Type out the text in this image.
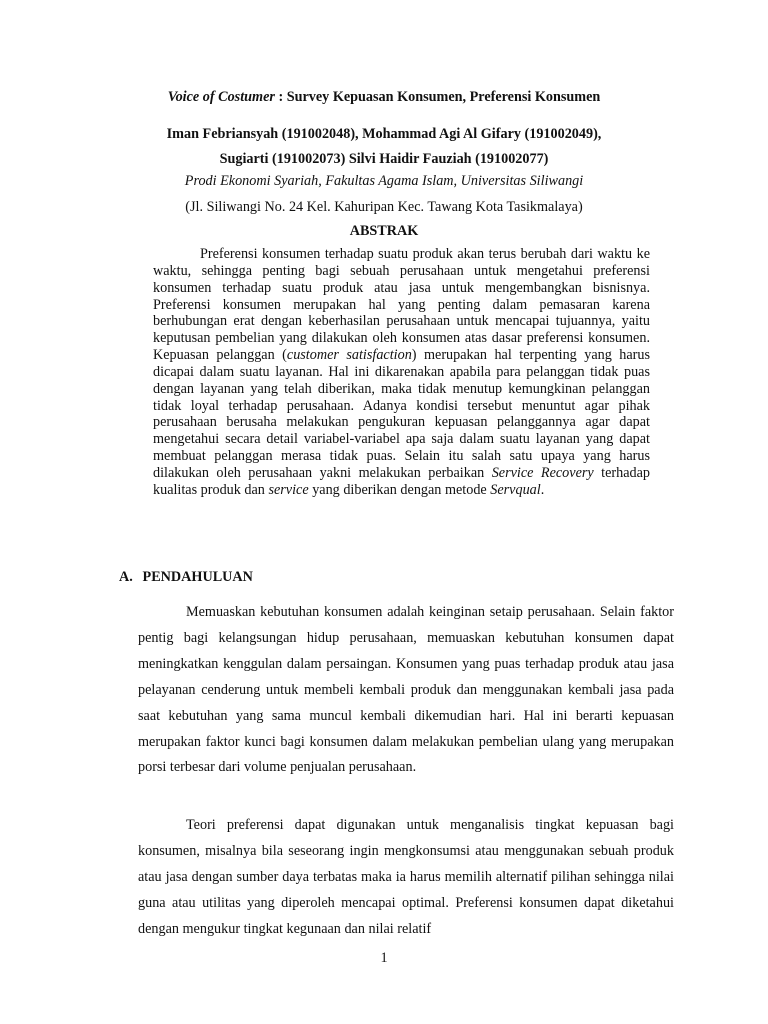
Voice of Costumer : Survey Kepuasan Konsumen, Preferensi Konsumen
Iman Febriansyah (191002048), Mohammad Agi Al Gifary (191002049),
Sugiarti (191002073) Silvi Haidir Fauziah (191002077)
Prodi Ekonomi Syariah, Fakultas Agama Islam, Universitas Siliwangi
(Jl. Siliwangi No. 24 Kel. Kahuripan Kec. Tawang Kota Tasikmalaya)
ABSTRAK

Preferensi konsumen terhadap suatu produk akan terus berubah dari waktu ke waktu, sehingga penting bagi sebuah perusahaan untuk mengetahui preferensi konsumen terhadap suatu produk atau jasa untuk mengembangkan bisnisnya. Preferensi konsumen merupakan hal yang penting dalam pemasaran karena berhubungan erat dengan keberhasilan perusahaan untuk mencapai tujuannya, yaitu keputusan pembelian yang dilakukan oleh konsumen atas dasar preferensi konsumen. Kepuasan pelanggan (customer satisfaction) merupakan hal terpenting yang harus dicapai dalam suatu layanan. Hal ini dikarenakan apabila para pelanggan tidak puas dengan layanan yang telah diberikan, maka tidak menutup kemungkinan pelanggan tidak loyal terhadap perusahaan. Adanya kondisi tersebut menuntut agar pihak perusahaan berusaha melakukan pengukuran kepuasan pelanggannya agar dapat mengetahui secara detail variabel-variabel apa saja dalam suatu layanan yang dapat membuat pelanggan merasa tidak puas. Selain itu salah satu upaya yang harus dilakukan oleh perusahaan yakni melakukan perbaikan Service Recovery terhadap kualitas produk dan service yang diberikan dengan metode Servqual.

A. PENDAHULUAN

Memuaskan kebutuhan konsumen adalah keinginan setaip perusahaan. Selain faktor pentig bagi kelangsungan hidup perusahaan, memuaskan kebutuhan konsumen dapat meningkatkan kenggulan dalam persaingan. Konsumen yang puas terhadap produk atau jasa pelayanan cenderung untuk membeli kembali produk dan menggunakan kembali jasa pada saat kebutuhan yang sama muncul kembali dikemudian hari. Hal ini berarti kepuasan merupakan faktor kunci bagi konsumen dalam melakukan pembelian ulang yang merupakan porsi terbesar dari volume penjualan perusahaan.

Teori preferensi dapat digunakan untuk menganalisis tingkat kepuasan bagi konsumen, misalnya bila seseorang ingin mengkonsumsi atau menggunakan sebuah produk atau jasa dengan sumber daya terbatas maka ia harus memilih alternatif pilihan sehingga nilai guna atau utilitas yang diperoleh mencapai optimal. Preferensi konsumen dapat diketahui dengan mengukur tingkat kegunaan dan nilai relatif

1
